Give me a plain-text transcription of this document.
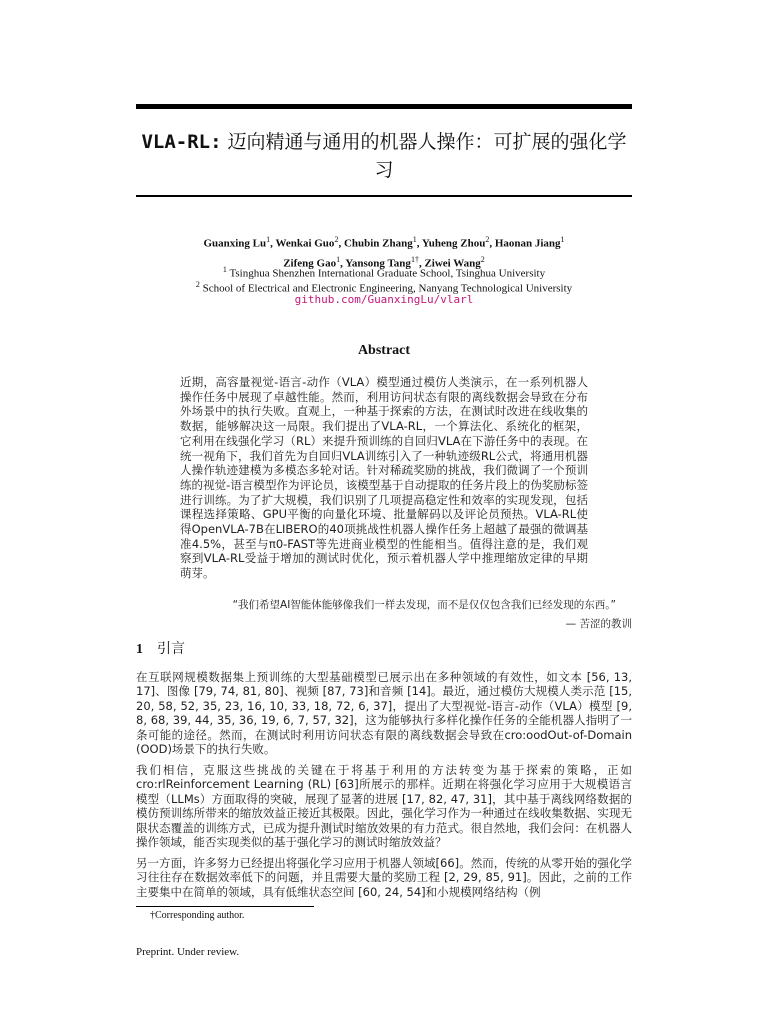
VLA-RL: 迈向精通与通用的机器人操作：可扩展的强化学习
Guanxing Lu$^1$, Wenkai Guo$^2$, Chubin Zhang$^1$, Yuheng Zhou$^2$, Haonan Jiang$^1$
Zifeng Gao$^1$, Yansong Tang$^{1\dagger}$, Ziwei Wang$^2$
$^1$ Tsinghua Shenzhen International Graduate School, Tsinghua University
$^2$ School of Electrical and Electronic Engineering, Nanyang Technological University
github.com/GuanxingLu/vlarl
Abstract
近期，高容量视觉-语言-动作（VLA）模型通过模仿人类演示，在一系列机器人操作任务中展现了卓越性能。然而，利用访问状态有限的离线数据会导致在分布外场景中的执行失败。直观上，一种基于探索的方法，在测试时改进在线收集的数据，能够解决这一局限。我们提出了VLA-RL，一个算法化、系统化的框架，它利用在线强化学习（RL）来提升预训练的自回归VLA在下游任务中的表现。在统一视角下，我们首先为自回归VLA训练引入了一种轨迹级RL公式，将通用机器人操作轨迹建模为多模态多轮对话。针对稀疏奖励的挑战，我们微调了一个预训练的视觉-语言模型作为评论员，该模型基于自动提取的任务片段上的伪奖励标签进行训练。为了扩大规模，我们识别了几项提高稳定性和效率的实现发现，包括课程选择策略、GPU平衡的向量化环境、批量解码以及评论员预热。VLA-RL使得OpenVLA-7B在LIBERO的40项挑战性机器人操作任务上超越了最强的微调基准4.5%，甚至与π0-FAST等先进商业模型的性能相当。值得注意的是，我们观察到VLA-RL受益于增加的测试时优化，预示着机器人学中推理缩放定律的早期萌芽。
“我们希望AI智能体能够像我们一样去发现，而不是仅仅包含我们已经发现的东西。”
— 苦涩的教训
1 引言
在互联网规模数据集上预训练的大型基础模型已展示出在多种领域的有效性，如文本 [56, 13, 17]、图像 [79, 74, 81, 80]、视频 [87, 73]和音频 [14]。最近，通过模仿大规模人类示范 [15, 20, 58, 52, 35, 23, 16, 10, 33, 18, 72, 6, 37]，提出了大型视觉-语言-动作（VLA）模型 [9, 8, 68, 39, 44, 35, 36, 19, 6, 7, 57, 32]，这为能够执行多样化操作任务的全能机器人指明了一条可能的途径。然而，在测试时利用访问状态有限的离线数据会导致在cro:oodOut-of-Domain (OOD)场景下的执行失败。
我们相信，克服这些挑战的关键在于将基于利用的方法转变为基于探索的策略，正如cro:rlReinforcement Learning (RL) [63]所展示的那样。近期在将强化学习应用于大规模语言模型（LLMs）方面取得的突破，展现了显著的进展 [17, 82, 47, 31]，其中基于离线网络数据的模仿预训练所带来的缩放效益正接近其极限。因此，强化学习作为一种通过在线收集数据、实现无限状态覆盖的训练方式，已成为提升测试时缩放效果的有力范式。很自然地，我们会问：在机器人操作领域，能否实现类似的基于强化学习的测试时缩放效益？
另一方面，许多努力已经提出将强化学习应用于机器人领域[66]。然而，传统的从零开始的强化学习往往存在数据效率低下的问题，并且需要大量的奖励工程 [2, 29, 85, 91]。因此，之前的工作主要集中在简单的领域，具有低维状态空间 [60, 24, 54]和小规模网络结构（例
†Corresponding author.
Preprint. Under review.
